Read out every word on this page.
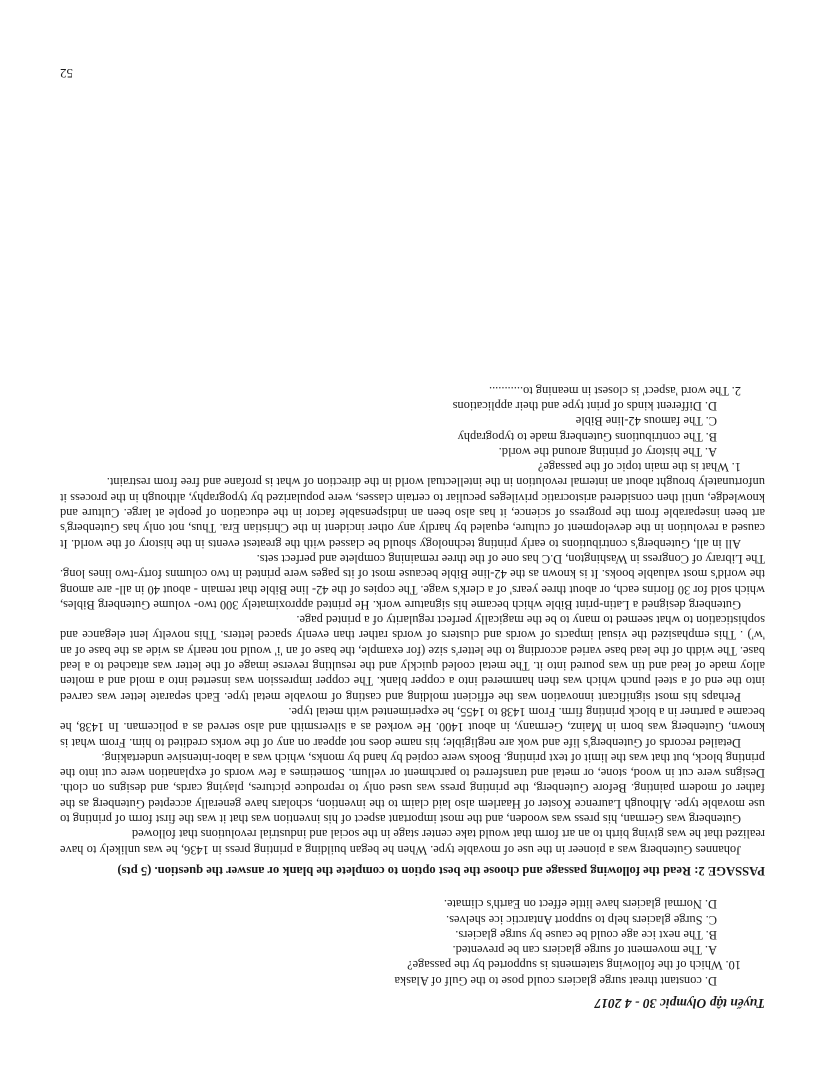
Tuyển tập Olympic 30 - 4 2017
D. constant threat surge glaciers could pose to the Gulf of Alaska
10. Which of the following statements is supported by the passage?
A. The movement of surge glaciers can be prevented.
B. The next ice age could be cause by surge glaciers.
C. Surge glaciers help to support Antarctic ice shelves.
D. Normal glaciers have little effect on Earth's climate.
PASSAGE 2: Read the following passage and choose the best option to complete the blank or answer the question. (5 pts)

Johannes Gutenberg was a pioneer in the use of movable type. When he began building a printing press in 1436, he was unlikely to have realized that he was giving birth to an art form that would take center stage in the social and industrial revolutions that followed

Gutenberg was German, his press was wooden, and the most important aspect of his invention was that it was the first form of printing to use movable type. Although Laurence Koster of Haarlem also laid claim to the invention, scholars have generally accepted Gutenberg as the father of modern painting. Before Gutenberg, the printing press was used only to reproduce pictures, playing cards, and designs on cloth. Designs were cut in wood, stone, or metal and transferred to parchment or vellum. Sometimes a few words of explanation were cut into the printing block, but that was the limit of text printing. Books were copied by hand by monks, which was a labor-intensive undertaking.

Detailed records of Gutenberg's life and wok are negligible; his name does not appear on any of the works credited to him. From what is known, Gutenberg was born in Mainz, Germany, in about 1400. He worked as a silversmith and also served as a policeman. In 1438, he became a partner in a block printing firm. From 1438 to 1455, he experimented with metal type.

Perhaps his most significant innovation was the efficient molding and casting of movable metal type. Each separate letter was carved into the end of a steel punch which was then hammered into a copper blank. The copper impression was inserted into a mold and a molten alloy made of lead and tin was poured into it. The metal cooled quickly and the resulting reverse image of the letter was attached to a lead base. The width of the lead base varied according to the letter's size (for example, the base of an 'i' would not nearly as wide as the base of an 'w') . This emphasized the visual impacts of words and clusters of words rather than evenly spaced letters. This novelty lent elegance and sophistication to what seemed to many to be the magically perfect regularity of a printed page.

Gutenberg designed a Latin-print Bible which became his signature work. He printed approximately 300 two- volume Gutenberg Bibles, which sold for 30 florins each, or about three years' of a clerk's wage. The copies of the 42- line Bible that remain - about 40 in all- are among the world's most valuable books. It is known as the 42-line Bible because most of its pages were printed in two columns forty-two lines long. The Library of Congress in Washington, D.C has one of the three remaining complete and perfect sets.

All in all, Gutenberg's contributions to early printing technology should be classed with the greatest events in the history of the world. It caused a revolution in the development of culture, equaled by hardly any other incident in the Christian Era. Thus, not only has Gutenberg's art been inseparable from the progress of science, it has also been an indispensable factor in the education of people at large. Culture and knowledge, until then considered aristocratic privileges peculiar to certain classes, were popularized by typography, although in the process it unfortunately brought about an internal revolution in the intellectual world in the direction of what is profane and free from restraint.

1. What is the main topic of the passage?
A. The history of printing around the world.
B. The contributions Gutenberg made to typography
C. The famous 42-line Bible
D. Different kinds of print type and their applications
2. The word 'aspect' is closest in meaning to...........
52
